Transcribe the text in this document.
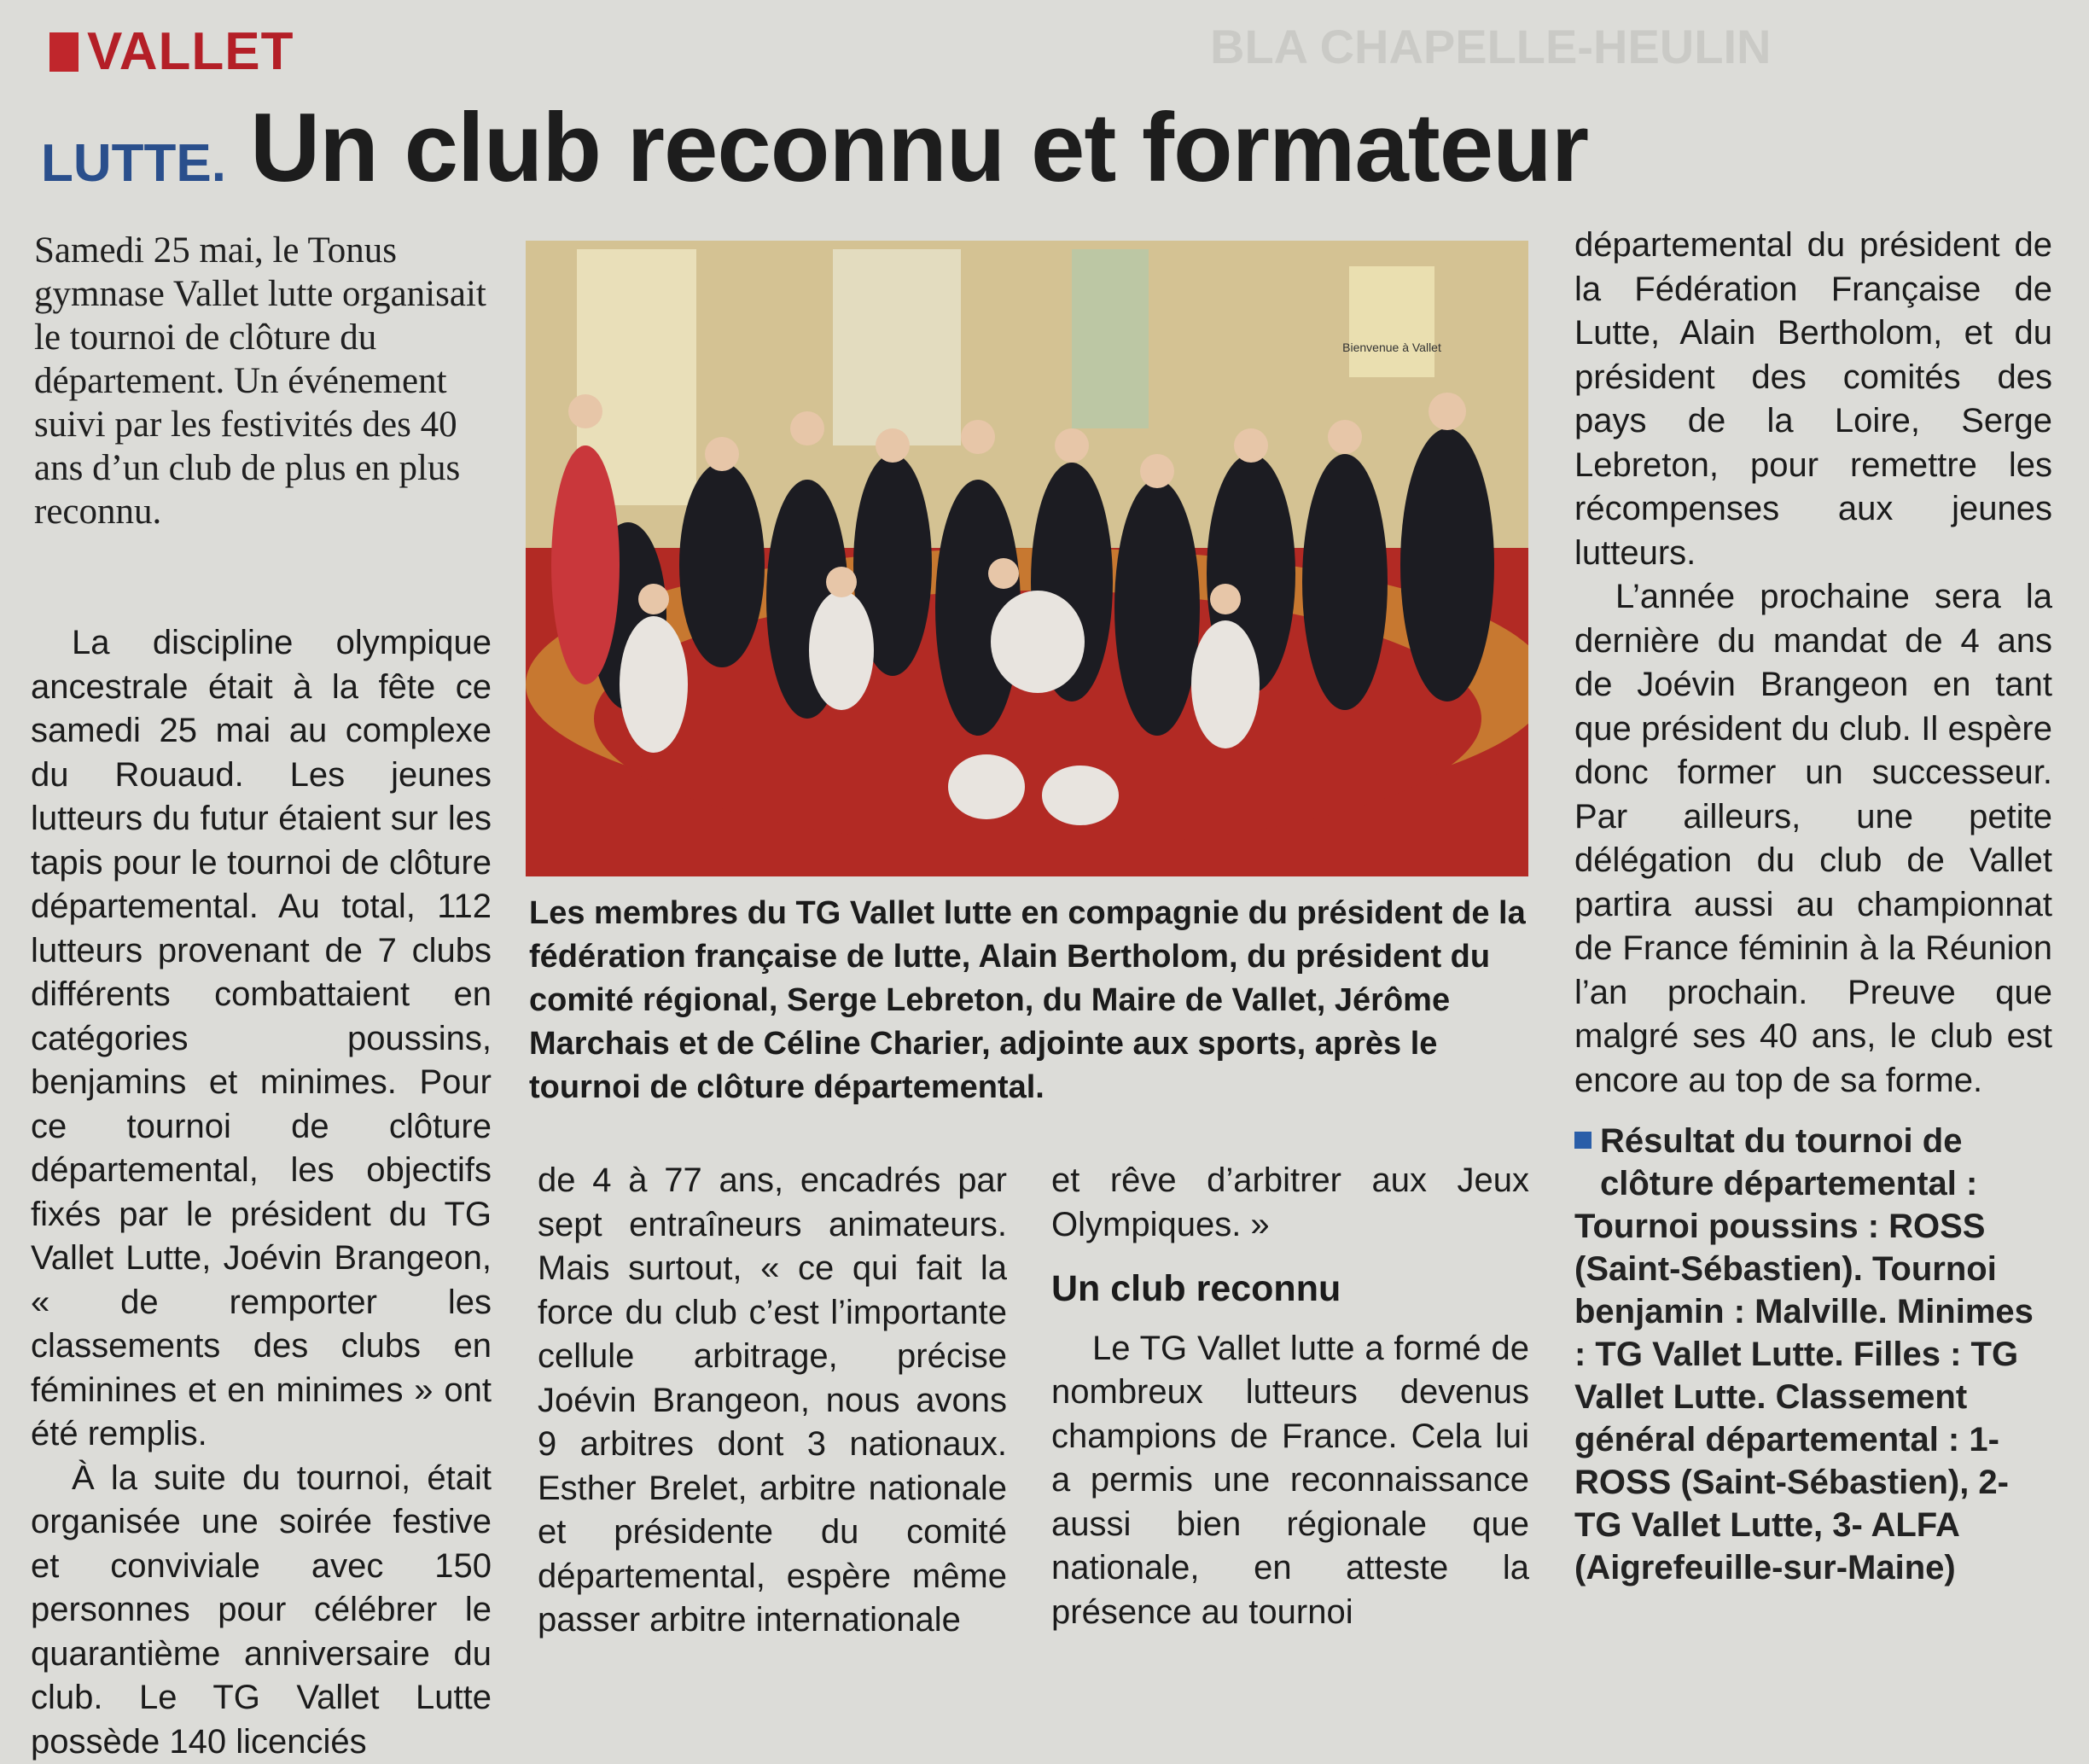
BLA CHAPELLE-HEULIN
VALLET
LUTTE. Un club reconnu et formateur
Samedi 25 mai, le Tonus gymnase Vallet lutte organisait le tournoi de clôture du département. Un événement suivi par les festivités des 40 ans d’un club de plus en plus reconnu.

La discipline olympique ancestrale était à la fête ce samedi 25 mai au complexe du Rouaud. Les jeunes lutteurs du futur étaient sur les tapis pour le tournoi de clôture départemental. Au total, 112 lutteurs provenant de 7 clubs différents combattaient en catégories poussins, benjamins et minimes. Pour ce tournoi de clôture départemental, les objectifs fixés par le président du TG Vallet Lutte, Joévin Brangeon, « de remporter les classements des clubs en féminines et en minimes » ont été remplis.

À la suite du tournoi, était organisée une soirée festive et conviviale avec 150 personnes pour célébrer le quarantième anniversaire du club. Le TG Vallet Lutte possède 140 licenciés

Bienvenue à Vallet
Les membres du TG Vallet lutte en compagnie du président de la fédération française de lutte, Alain Bertholom, du président du comité régional, Serge Lebreton, du Maire de Vallet, Jérôme Marchais et de Céline Charier, adjointe aux sports, après le tournoi de clôture départemental.

de 4 à 77 ans, encadrés par sept entraîneurs animateurs. Mais surtout, « ce qui fait la force du club c’est l’importante cellule arbitrage, précise Joévin Brangeon, nous avons 9 arbitres dont 3 nationaux. Esther Brelet, arbitre nationale et présidente du comité départemental, espère même passer arbitre internationale

et rêve d’arbitrer aux Jeux Olympiques. »

Un club reconnu

Le TG Vallet lutte a formé de nombreux lutteurs devenus champions de France. Cela lui a permis une reconnaissance aussi bien régionale que nationale, en atteste la présence au tournoi

départemental du président de la Fédération Française de Lutte, Alain Bertholom, et du président des comités des pays de la Loire, Serge Lebreton, pour remettre les récompenses aux jeunes lutteurs.

L’année prochaine sera la dernière du mandat de 4 ans de Joévin Brangeon en tant que président du club. Il espère donc former un successeur. Par ailleurs, une petite délégation du club de Vallet partira aussi au championnat de France féminin à la Réunion l’an prochain. Preuve que malgré ses 40 ans, le club est encore au top de sa forme.

Résultat du tournoi de clôture départemental :
Tournoi poussins : ROSS (Saint-Sébastien). Tournoi benjamin : Malville. Minimes : TG Vallet Lutte. Filles : TG Vallet Lutte. Classement général départemental : 1- ROSS (Saint-Sébastien), 2- TG Vallet Lutte, 3- ALFA (Aigrefeuille-sur-Maine)
